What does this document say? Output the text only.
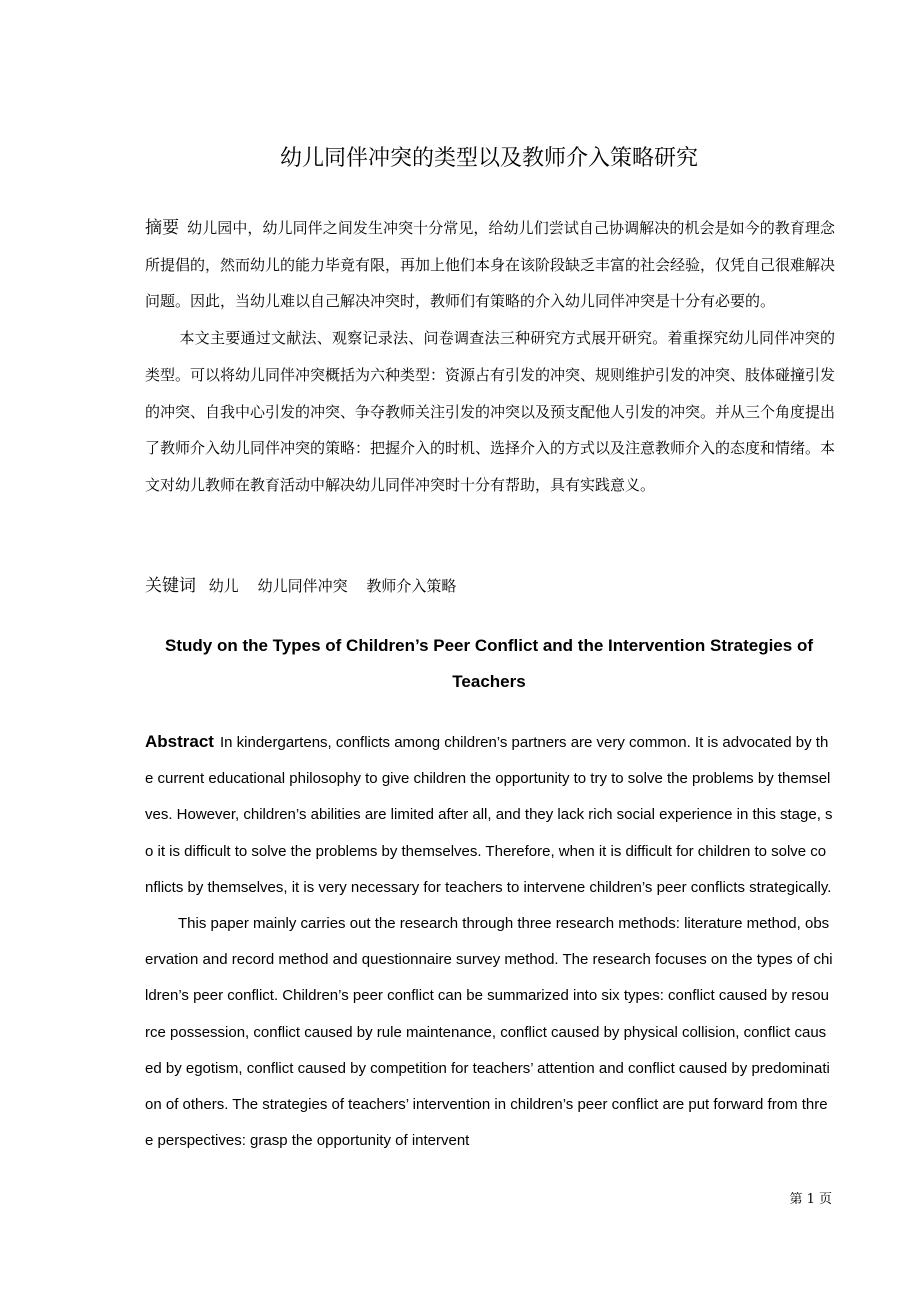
幼儿同伴冲突的类型以及教师介入策略研究

摘要 幼儿园中，幼儿同伴之间发生冲突十分常见，给幼儿们尝试自己协调解决的机会是如今的教育理念所提倡的，然而幼儿的能力毕竟有限，再加上他们本身在该阶段缺乏丰富的社会经验，仅凭自己很难解决问题。因此，当幼儿难以自己解决冲突时，教师们有策略的介入幼儿同伴冲突是十分有必要的。

本文主要通过文献法、观察记录法、问卷调查法三种研究方式展开研究。着重探究幼儿同伴冲突的类型。可以将幼儿同伴冲突概括为六种类型：资源占有引发的冲突、规则维护引发的冲突、肢体碰撞引发的冲突、自我中心引发的冲突、争夺教师关注引发的冲突以及预支配他人引发的冲突。并从三个角度提出了教师介入幼儿同伴冲突的策略：把握介入的时机、选择介入的方式以及注意教师介入的态度和情绪。本文对幼儿教师在教育活动中解决幼儿同伴冲突时十分有帮助，具有实践意义。

关键词 幼儿 幼儿同伴冲突 教师介入策略
Study on the Types of Children’s Peer Conflict and the Intervention Strategies of Teachers

Abstract In kindergartens, conflicts among children’s partners are very common. It is advocated by the current educational philosophy to give children the opportunity to try to solve the problems by themselves. However, children’s abilities are limited after all, and they lack rich social experience in this stage, so it is difficult to solve the problems by themselves. Therefore, when it is difficult for children to solve conflicts by themselves, it is very necessary for teachers to intervene children’s peer conflicts strategically.

This paper mainly carries out the research through three research methods: literature method, observation and record method and questionnaire survey method. The research focuses on the types of children’s peer conflict. Children’s peer conflict can be summarized into six types: conflict caused by resource possession, conflict caused by rule maintenance, conflict caused by physical collision, conflict caused by egotism, conflict caused by competition for teachers’ attention and conflict caused by predomination of others. The strategies of teachers’ intervention in children’s peer conflict are put forward from three perspectives: grasp the opportunity of intervent

第 1 页
